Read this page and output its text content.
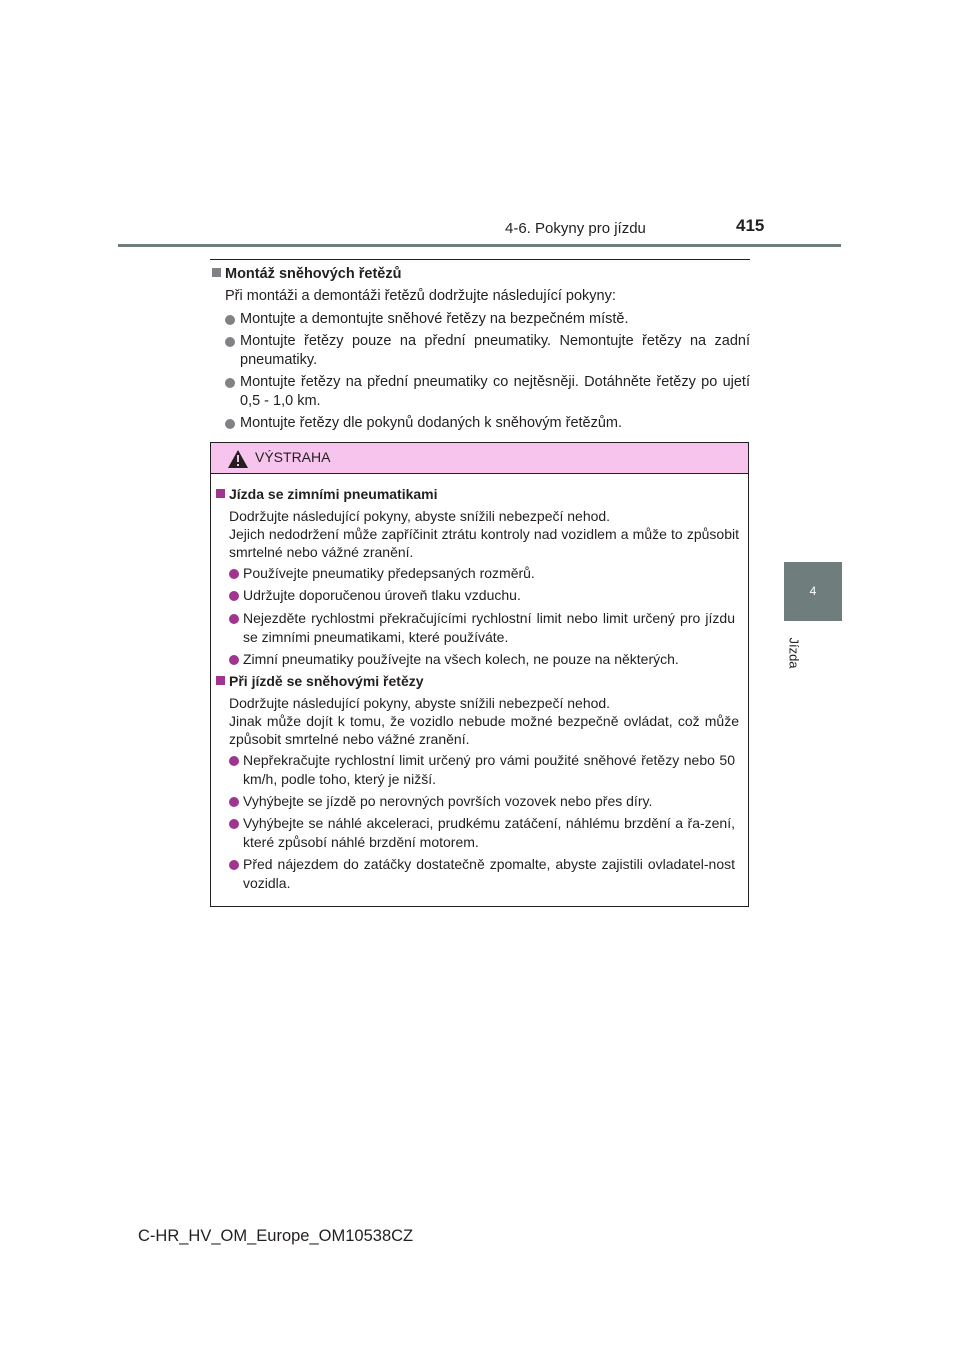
4-6. Pokyny pro jízdu	415
4
Jízda
Montáž sněhových řetězů
Při montáži a demontáži řetězů dodržujte následující pokyny:
Montujte a demontujte sněhové řetězy na bezpečném místě.
Montujte řetězy pouze na přední pneumatiky. Nemontujte řetězy na zadní pneumatiky.
Montujte řetězy na přední pneumatiky co nejtěsněji. Dotáhněte řetězy po ujetí 0,5 - 1,0 km.
Montujte řetězy dle pokynů dodaných k sněhovým řetězům.
VÝSTRAHA
Jízda se zimními pneumatikami
Dodržujte následující pokyny, abyste snížili nebezpečí nehod.
Jejich nedodržení může zapříčinit ztrátu kontroly nad vozidlem a může to způsobit smrtelné nebo vážné zranění.
Používejte pneumatiky předepsaných rozměrů.
Udržujte doporučenou úroveň tlaku vzduchu.
Nejezděte rychlostmi překračujícími rychlostní limit nebo limit určený pro jízdu se zimními pneumatikami, které používáte.
Zimní pneumatiky používejte na všech kolech, ne pouze na některých.
Při jízdě se sněhovými řetězy
Dodržujte následující pokyny, abyste snížili nebezpečí nehod.
Jinak může dojít k tomu, že vozidlo nebude možné bezpečně ovládat, což může způsobit smrtelné nebo vážné zranění.
Nepřekračujte rychlostní limit určený pro vámi použité sněhové řetězy nebo 50 km/h, podle toho, který je nižší.
Vyhýbejte se jízdě po nerovných površích vozovek nebo přes díry.
Vyhýbejte se náhlé akceleraci, prudkému zatáčení, náhlému brzdění a řa-zení, které způsobí náhlé brzdění motorem.
Před nájezdem do zatáčky dostatečně zpomalte, abyste zajistili ovladatel-nost vozidla.
C-HR_HV_OM_Europe_OM10538CZ
